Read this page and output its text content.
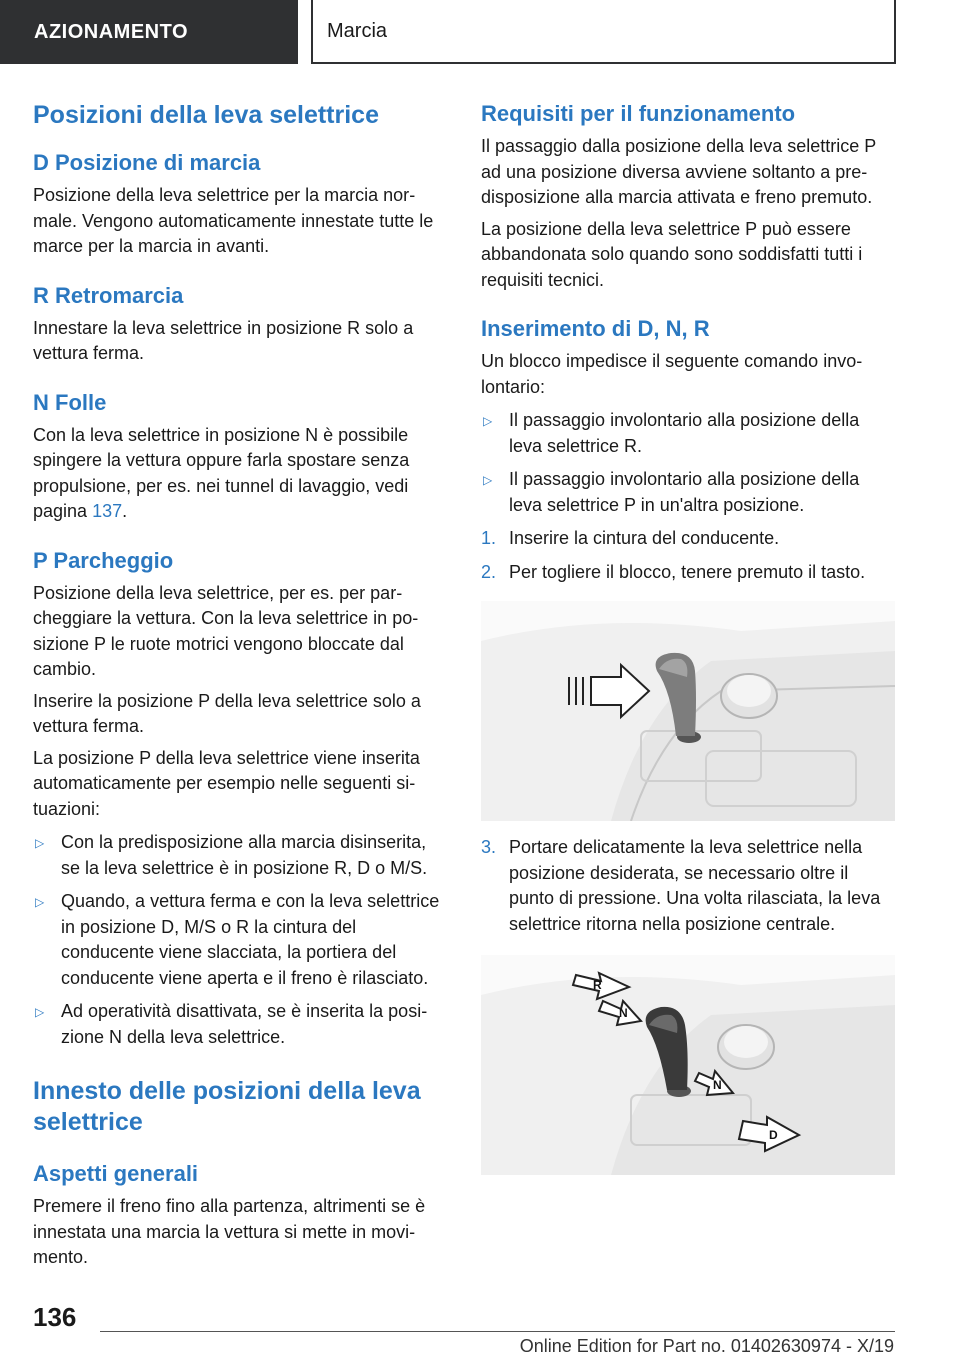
AZIONAMENTO	Marcia
Posizioni della leva selettrice
D Posizione di marcia

Posizione della leva selettrice per la marcia normale. Vengono automaticamente innestate tutte le marce per la marcia in avanti.

R Retromarcia

Innestare la leva selettrice in posizione R solo a vettura ferma.

N Folle

Con la leva selettrice in posizione N è possibile spingere la vettura oppure farla spostare senza propulsione, per es. nei tunnel di lavaggio, vedi pagina 137.

P Parcheggio

Posizione della leva selettrice, per es. per parcheggiare la vettura. Con la leva selettrice in posizione P le ruote motrici vengono bloccate dal cambio.

Inserire la posizione P della leva selettrice solo a vettura ferma.

La posizione P della leva selettrice viene inserita automaticamente per esempio nelle seguenti situazioni:

▷ Con la predisposizione alla marcia disinserita, se la leva selettrice è in posizione R, D o M/S.
▷ Quando, a vettura ferma e con la leva selettrice in posizione D, M/S o R la cintura del conducente viene slacciata, la portiera del conducente viene aperta e il freno è rilasciato.
▷ Ad operatività disattivata, se è inserita la posizione N della leva selettrice.
Innesto delle posizioni della leva selettrice
Aspetti generali

Premere il freno fino alla partenza, altrimenti se è innestata una marcia la vettura si mette in movimento.

Requisiti per il funzionamento

Il passaggio dalla posizione della leva selettrice P ad una posizione diversa avviene soltanto a predisposizione alla marcia attivata e freno premuto.

La posizione della leva selettrice P può essere abbandonata solo quando sono soddisfatti tutti i requisiti tecnici.

Inserimento di D, N, R

Un blocco impedisce il seguente comando involontario:

▷ Il passaggio involontario alla posizione della leva selettrice R.
▷ Il passaggio involontario alla posizione della leva selettrice P in un'altra posizione.
1. Inserire la cintura del conducente.
2. Per togliere il blocco, tenere premuto il tasto.
3. Portare delicatamente la leva selettrice nella posizione desiderata, se necessario oltre il punto di pressione. Una volta rilasciata, la leva selettrice ritorna nella posizione centrale.
R
N
N
D
136
Online Edition for Part no. 01402630974 - X/19
